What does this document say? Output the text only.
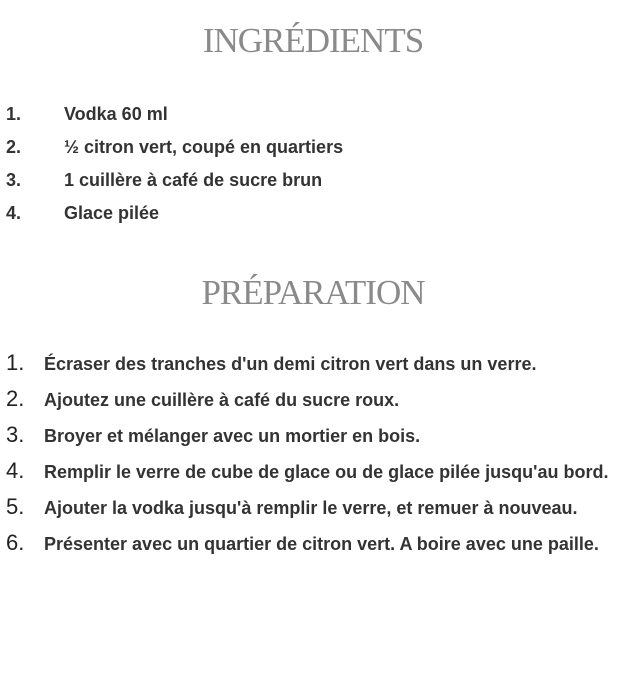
INGRÉDIENTS
1.	Vodka 60 ml
2.	½ citron vert, coupé en quartiers
3.	1 cuillère à café de sucre brun
4.	Glace pilée
PRÉPARATION
1. Écraser des tranches d'un demi citron vert dans un verre.
2. Ajoutez une cuillère à café du sucre roux.
3. Broyer et mélanger avec un mortier en bois.
4. Remplir le verre de cube de glace ou de glace pilée jusqu'au bord.
5. Ajouter la vodka jusqu'à remplir le verre, et remuer à nouveau.
6. Présenter avec un quartier de citron vert. A boire avec une paille.
